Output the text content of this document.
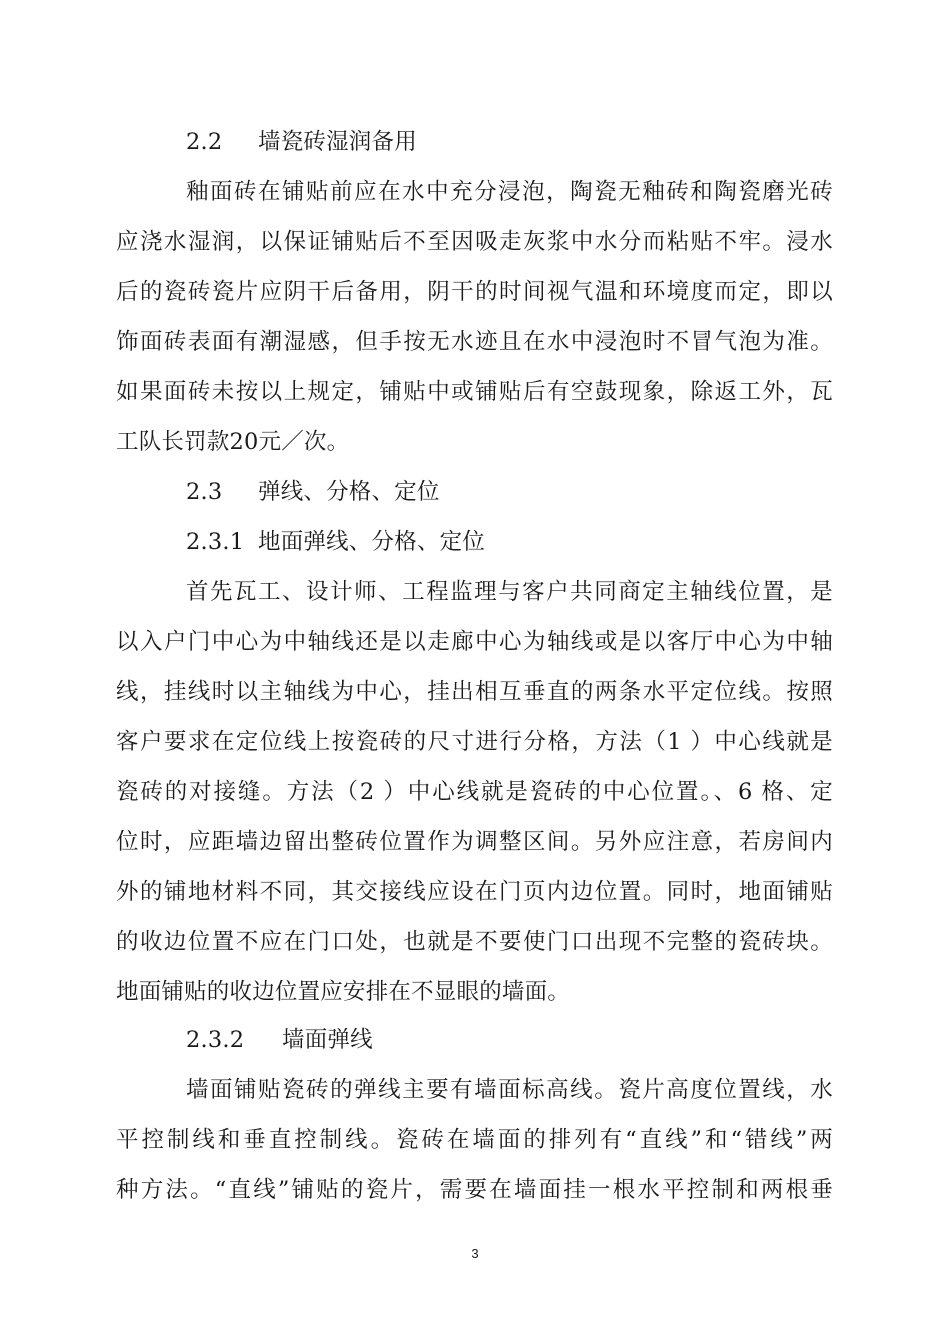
2.2 墙瓷砖湿润备用
釉面砖在铺贴前应在水中充分浸泡，陶瓷无釉砖和陶瓷磨光砖
应浇水湿润，以保证铺贴后不至因吸走灰浆中水分而粘贴不牢。浸水
后的瓷砖瓷片应阴干后备用，阴干的时间视气温和环境度而定，即以
饰面砖表面有潮湿感，但手按无水迹且在水中浸泡时不冒气泡为准。
如果面砖未按以上规定，铺贴中或铺贴后有空鼓现象，除返工外，瓦
工队长罚款20元／次。
2.3 弹线、分格、定位
2.3.1 地面弹线、分格、定位
首先瓦工、设计师、工程监理与客户共同商定主轴线位置，是
以入户门中心为中轴线还是以走廊中心为轴线或是以客厅中心为中轴
线，挂线时以主轴线为中心，挂出相互垂直的两条水平定位线。按照
客户要求在定位线上按瓷砖的尺寸进行分格，方法（1 ）中心线就是
瓷砖的对接缝。方法（2 ）中心线就是瓷砖的中心位置。、6 格、定
位时，应距墙边留出整砖位置作为调整区间。另外应注意，若房间内
外的铺地材料不同，其交接线应设在门页内边位置。同时，地面铺贴
的收边位置不应在门口处，也就是不要使门口出现不完整的瓷砖块。
地面铺贴的收边位置应安排在不显眼的墙面。
2.3.2 墙面弹线
墙面铺贴瓷砖的弹线主要有墙面标高线。瓷片高度位置线，水
平控制线和垂直控制线。瓷砖在墙面的排列有“直线”和“错线”两
种方法。“直线”铺贴的瓷片，需要在墙面挂一根水平控制和两根垂
3
